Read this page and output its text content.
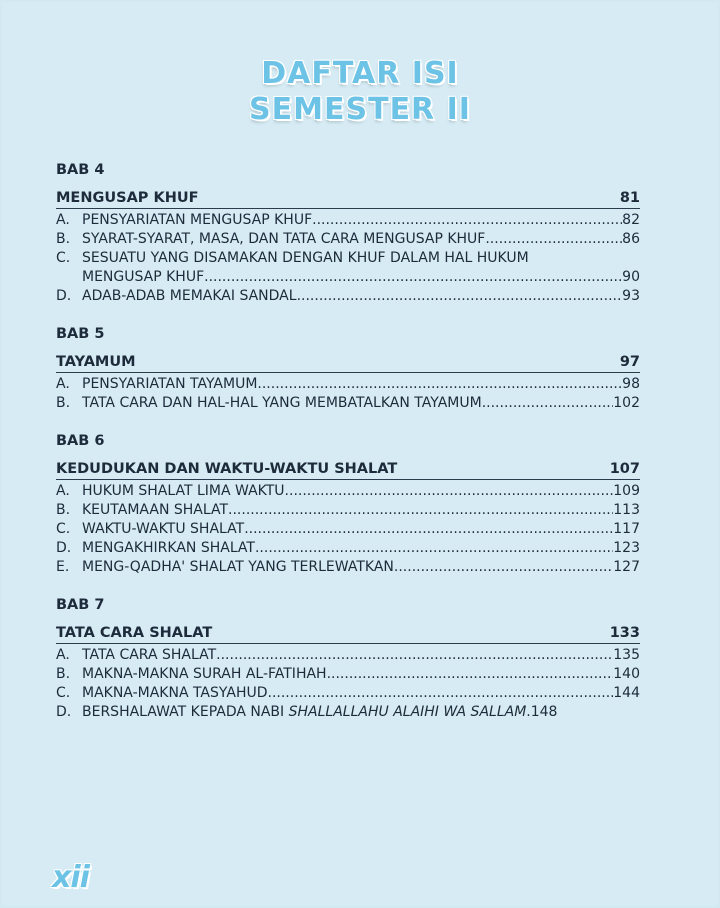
DAFTAR ISI
SEMESTER II
BAB 4
MENGUSAP KHUF	81
A. PENSYARIATAN MENGUSAP KHUF .....	82
B. SYARAT-SYARAT, MASA, DAN TATA CARA MENGUSAP KHUF .....	86
C. SESUATU YANG DISAMAKAN DENGAN KHUF DALAM HAL HUKUM
MENGUSAP KHUF .....	90
D. ADAB-ADAB MEMAKAI SANDAL .....	93
BAB 5
TAYAMUM	97
A. PENSYARIATAN TAYAMUM .....	98
B. TATA CARA DAN HAL-HAL YANG MEMBATALKAN TAYAMUM .....	102
BAB 6
KEDUDUKAN DAN WAKTU-WAKTU SHALAT	107
A. HUKUM SHALAT LIMA WAKTU .....	109
B. KEUTAMAAN SHALAT .....	113
C. WAKTU-WAKTU SHALAT .....	117
D. MENGAKHIRKAN SHALAT .....	123
E. MENG-QADHA' SHALAT YANG TERLEWATKAN .....	127
BAB 7
TATA CARA SHALAT	133
A. TATA CARA SHALAT .....	135
B. MAKNA-MAKNA SURAH AL-FATIHAH .....	140
C. MAKNA-MAKNA TASYAHUD .....	144
D. BERSHALAWAT KEPADA NABI
SHALLALLAHU ALAIHI WA SALLAM . 148
xii
